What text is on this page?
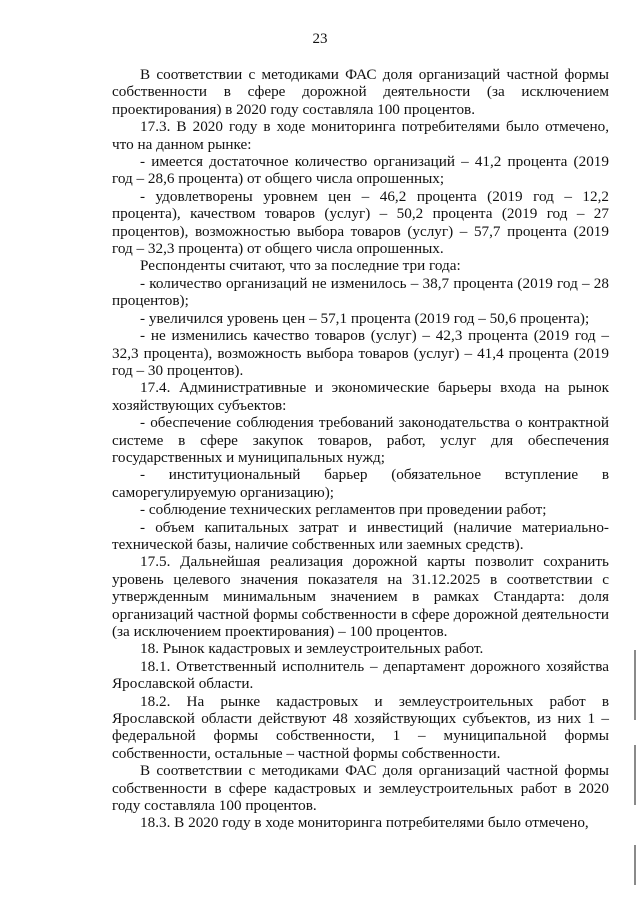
23

В соответствии с методиками ФАС доля организаций частной формы собственности в сфере дорожной деятельности (за исключением проектирования) в 2020 году составляла 100 процентов.

17.3. В 2020 году в ходе мониторинга потребителями было отмечено, что на данном рынке:

- имеется достаточное количество организаций – 41,2 процента (2019 год – 28,6 процента) от общего числа опрошенных;

- удовлетворены уровнем цен – 46,2 процента (2019 год – 12,2 процента), качеством товаров (услуг) – 50,2 процента (2019 год – 27 процентов), возможностью выбора товаров (услуг) – 57,7 процента (2019 год – 32,3 процента) от общего числа опрошенных.

Респонденты считают, что за последние три года:

- количество организаций не изменилось – 38,7 процента (2019 год – 28 процентов);

- увеличился уровень цен – 57,1 процента (2019 год – 50,6 процента);

- не изменились качество товаров (услуг) – 42,3 процента (2019 год – 32,3 процента), возможность выбора товаров (услуг) – 41,4 процента (2019 год – 30 процентов).

17.4. Административные и экономические барьеры входа на рынок хозяйствующих субъектов:

- обеспечение соблюдения требований законодательства о контрактной системе в сфере закупок товаров, работ, услуг для обеспечения государственных и муниципальных нужд;

- институциональный барьер (обязательное вступление в саморегулируемую организацию);

- соблюдение технических регламентов при проведении работ;

- объем капитальных затрат и инвестиций (наличие материально-технической базы, наличие собственных или заемных средств).

17.5. Дальнейшая реализация дорожной карты позволит сохранить уровень целевого значения показателя на 31.12.2025 в соответствии с утвержденным минимальным значением в рамках Стандарта: доля организаций частной формы собственности в сфере дорожной деятельности (за исключением проектирования) – 100 процентов.

18. Рынок кадастровых и землеустроительных работ.

18.1. Ответственный исполнитель – департамент дорожного хозяйства Ярославской области.

18.2. На рынке кадастровых и землеустроительных работ в Ярославской области действуют 48 хозяйствующих субъектов, из них 1 – федеральной формы собственности, 1 – муниципальной формы собственности, остальные – частной формы собственности.

В соответствии с методиками ФАС доля организаций частной формы собственности в сфере кадастровых и землеустроительных работ в 2020 году составляла 100 процентов.

18.3. В 2020 году в ходе мониторинга потребителями было отмечено,
